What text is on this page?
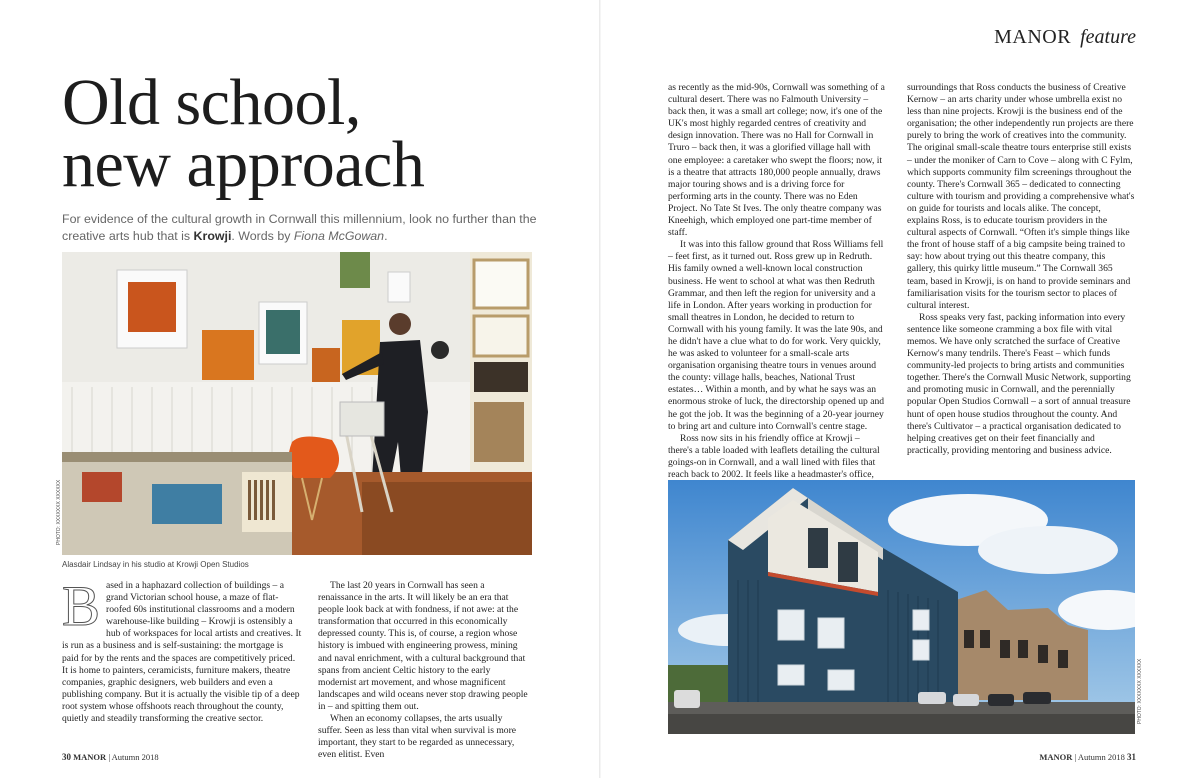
MANOR feature
Old school,
new approach
For evidence of the cultural growth in Cornwall this millennium, look no further than the creative arts hub that is Krowji. Words by Fiona McGowan.
PHOTO: XXXXXXX XXXXXX
Alasdair Lindsay in his studio at Krowji Open Studios
B ased in a haphazard collection of buildings – a grand Victorian school house, a maze of flat-roofed 60s institutional classrooms and a modern warehouse-like building – Krowji is ostensibly a hub of workspaces for local artists and creatives. It is run as a business and is self-sustaining: the mortgage is paid for by the rents and the spaces are competitively priced. It is home to painters, ceramicists, furniture makers, theatre companies, graphic designers, web builders and even a publishing company. But it is actually the visible tip of a deep root system whose offshoots reach throughout the county, quietly and steadily transforming the creative sector.

The last 20 years in Cornwall has seen a renaissance in the arts. It will likely be an era that people look back at with fondness, if not awe: at the transformation that occurred in this economically depressed county. This is, of course, a region whose history is imbued with engineering prowess, mining and naval enrichment, with a cultural background that spans from ancient Celtic history to the early modernist art movement, and whose magnificent landscapes and wild oceans never stop drawing people in – and spitting them out.

When an economy collapses, the arts usually suffer. Seen as less than vital when survival is more important, they start to be regarded as unnecessary, even elitist. Even

as recently as the mid-90s, Cornwall was something of a cultural desert. There was no Falmouth University – back then, it was a small art college; now, it's one of the UK's most highly regarded centres of creativity and design innovation. There was no Hall for Cornwall in Truro – back then, it was a glorified village hall with one employee: a caretaker who swept the floors; now, it is a theatre that attracts 180,000 people annually, draws major touring shows and is a driving force for performing arts in the county. There was no Eden Project. No Tate St Ives. The only theatre company was Kneehigh, which employed one part-time member of staff.

It was into this fallow ground that Ross Williams fell – feet first, as it turned out. Ross grew up in Redruth. His family owned a well-known local construction business. He went to school at what was then Redruth Grammar, and then left the region for university and a life in London. After years working in production for small theatres in London, he decided to return to Cornwall with his young family. It was the late 90s, and he didn't have a clue what to do for work. Very quickly, he was asked to volunteer for a small-scale arts organisation organising theatre tours in venues around the county: village halls, beaches, National Trust estates… Within a month, and by what he says was an enormous stroke of luck, the directorship opened up and he got the job. It was the beginning of a 20-year journey to bring art and culture into Cornwall's centre stage.

Ross now sits in his friendly office at Krowji – there's a table loaded with leaflets detailing the cultural goings-on in Cornwall, and a wall lined with files that reach back to 2002. It feels like a headmaster's office,

surroundings that Ross conducts the business of Creative Kernow – an arts charity under whose umbrella exist no less than nine projects. Krowji is the business end of the organisation; the other independently run projects are there purely to bring the work of creatives into the community. The original small-scale theatre tours enterprise still exists – under the moniker of Carn to Cove – along with C Fylm, which supports community film screenings throughout the county. There's Cornwall 365 – dedicated to connecting culture with tourism and providing a comprehensive what's on guide for tourists and locals alike. The concept, explains Ross, is to educate tourism providers in the cultural aspects of Cornwall. “Often it's simple things like the front of house staff of a big campsite being trained to say: how about trying out this theatre company, this gallery, this quirky little museum.” The Cornwall 365 team, based in Krowji, is on hand to provide seminars and familiarisation visits for the tourism sector to places of cultural interest.

Ross speaks very fast, packing information into every sentence like someone cramming a box file with vital memos. We have only scratched the surface of Creative Kernow's many tendrils. There's Feast – which funds community-led projects to bring artists and communities together. There's the Cornwall Music Network, supporting and promoting music in Cornwall, and the perennially popular Open Studios Cornwall – a sort of annual treasure hunt of open house studios throughout the county. And there's Cultivator – a practical organisation dedicated to helping creatives get on their feet financially and practically, providing mentoring and business advice.

PHOTO: XXXXXXX XXXXXX
30 MANOR | Autumn 2018	MANOR | Autumn 2018 31
